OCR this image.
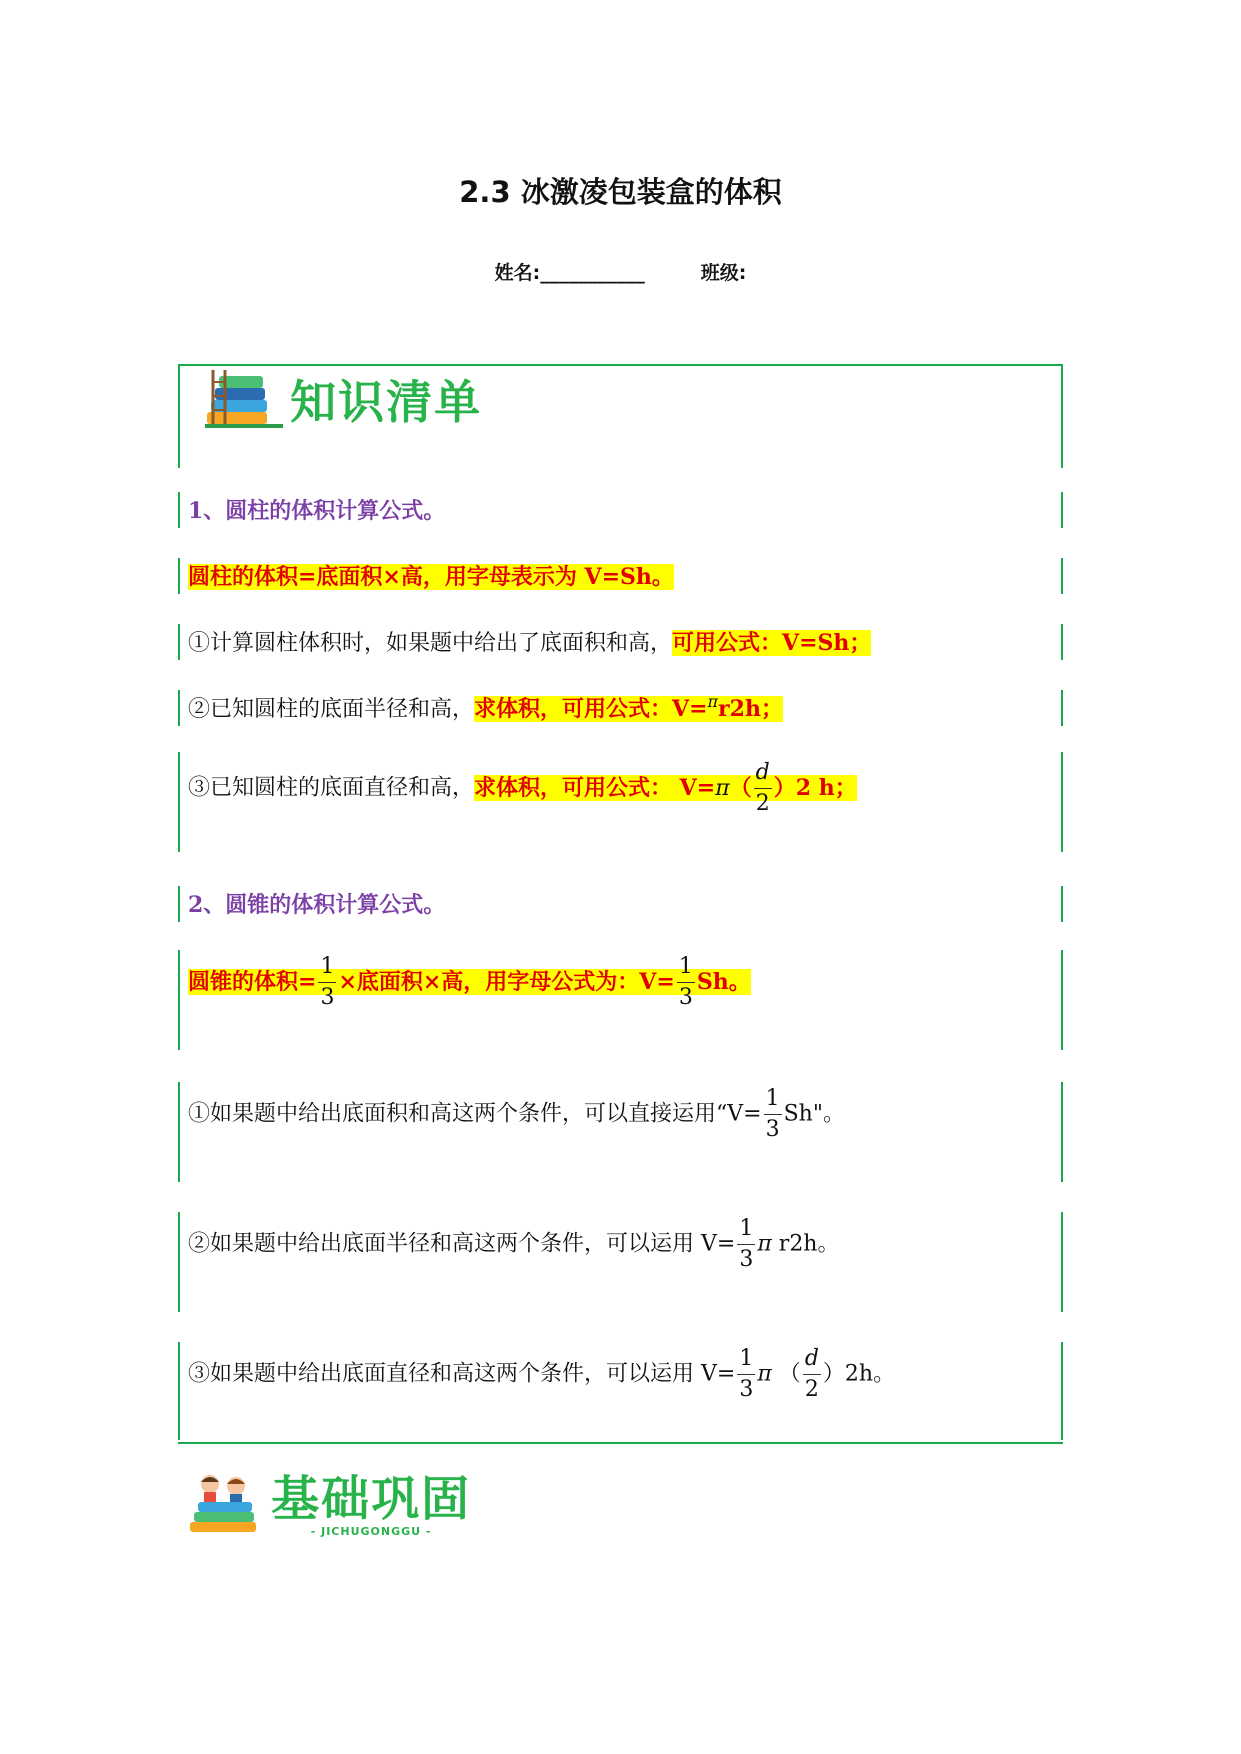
2.3 冰激凌包装盒的体积
姓名:___________	班级:
知识清单
1、圆柱的体积计算公式。
圆柱的体积=底面积×高，用字母表示为 V=Sh。
①计算圆柱体积时，如果题中给出了底面积和高，可用公式：V=Sh；
②已知圆柱的底面半径和高，求体积，可用公式：V=$^\pi$r2h；
③已知圆柱的底面直径和高，求体积，可用公式： $V=\pi( \frac{d}{2} )2$ h；
2、圆锥的体积计算公式。
圆锥的体积= $\frac{1}{3}$ ×底面积×高，用字母公式为：$V= \frac{1}{3}$ Sh。
①如果题中给出底面积和高这两个条件，可以直接运用“$V= \frac{1}{3} Sh$"。
②如果题中给出底面半径和高这两个条件，可以运用 $V= \frac{1}{3}$ π r2h。
③如果题中给出底面直径和高这两个条件，可以运用 $V= \frac{1}{3}$ π （ $\frac{d}{2} )2h$。

基础巩固
- JICHUGONGGU -
